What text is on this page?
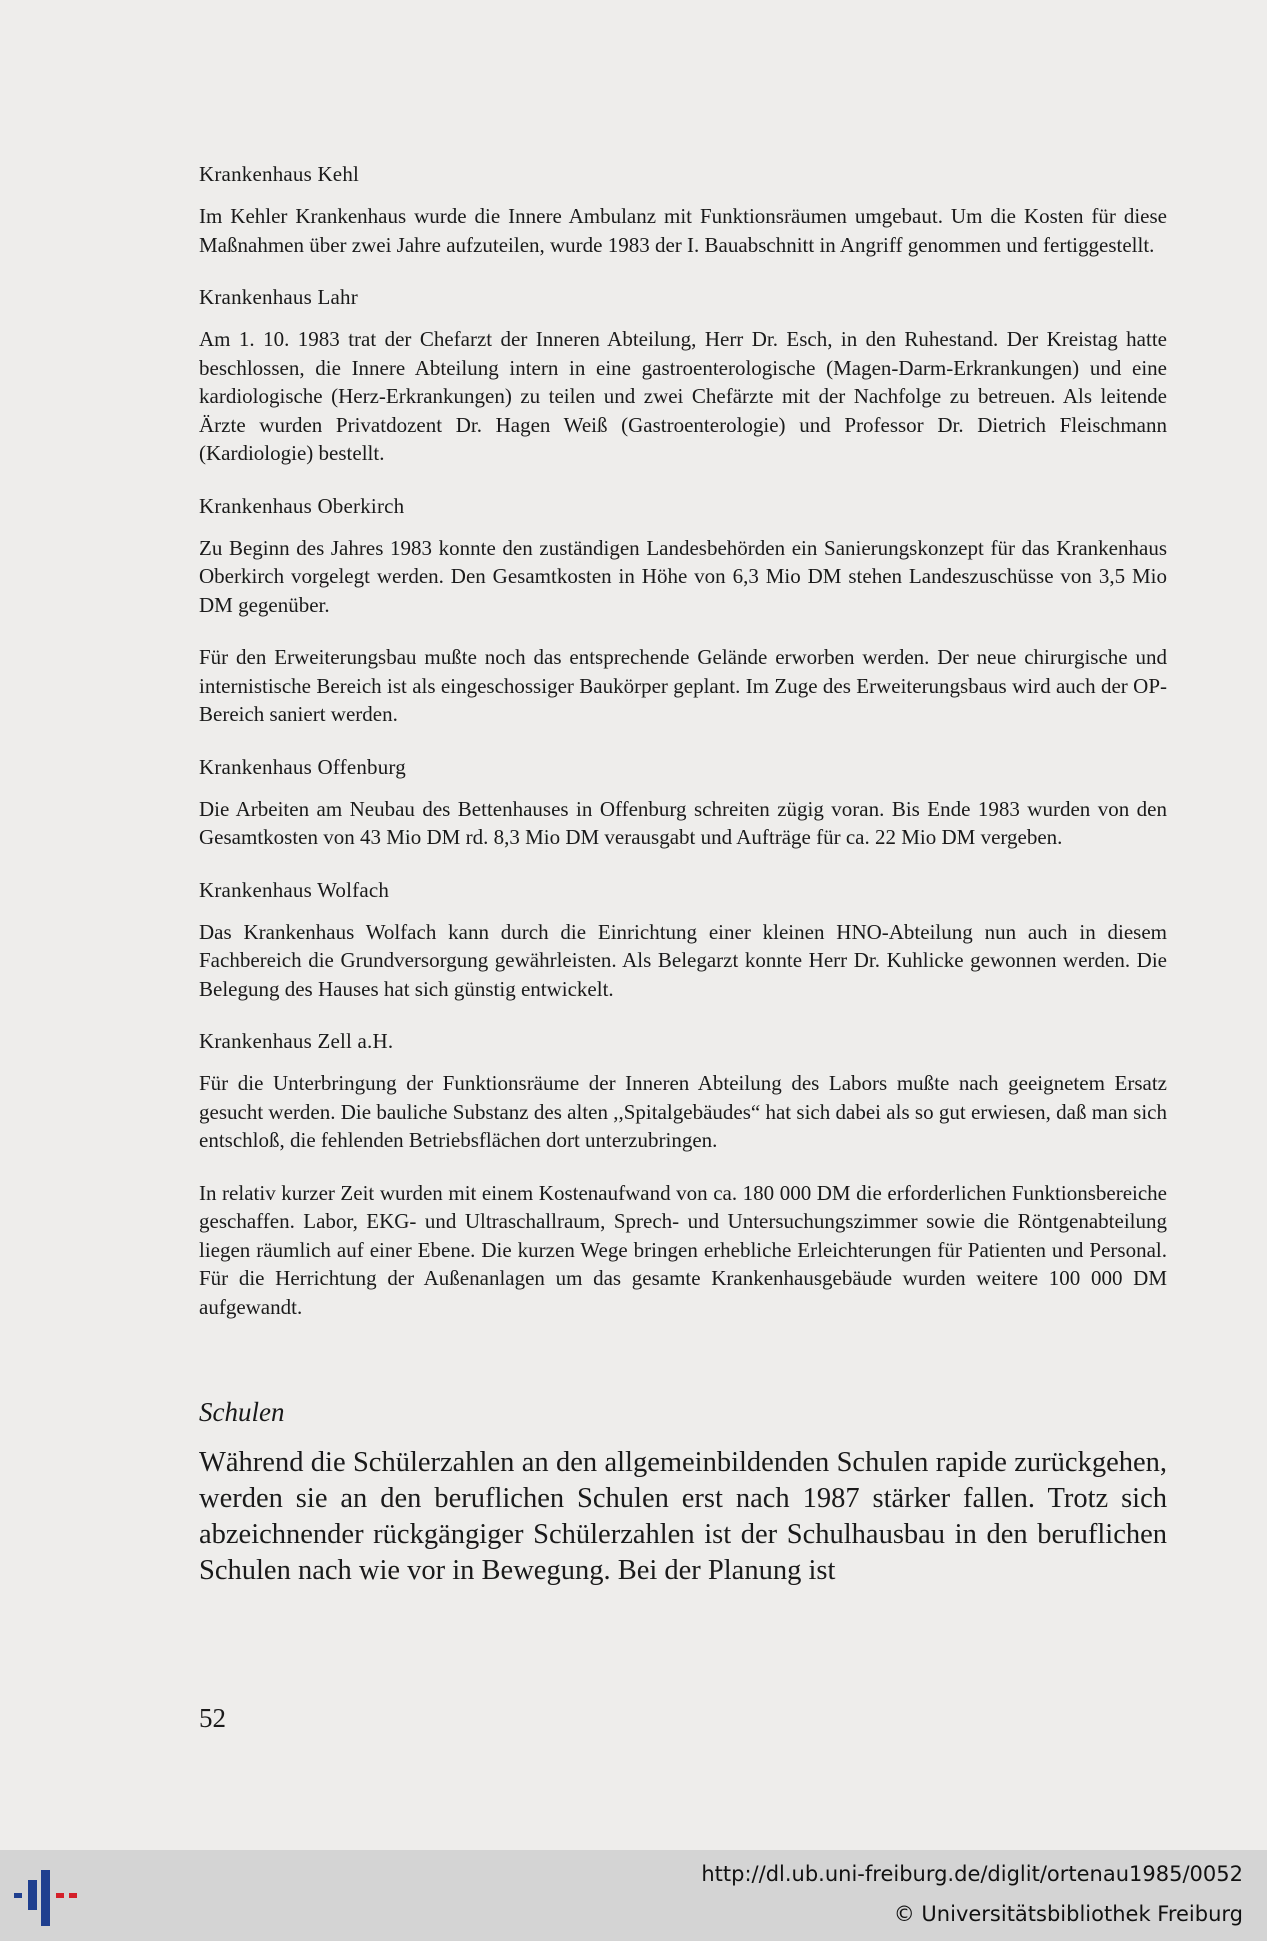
Krankenhaus Kehl

Im Kehler Krankenhaus wurde die Innere Ambulanz mit Funktionsräumen umgebaut. Um die Kosten für diese Maßnahmen über zwei Jahre aufzuteilen, wurde 1983 der I. Bauabschnitt in Angriff genommen und fertiggestellt.

Krankenhaus Lahr

Am 1. 10. 1983 trat der Chefarzt der Inneren Abteilung, Herr Dr. Esch, in den Ruhestand. Der Kreistag hatte beschlossen, die Innere Abteilung intern in eine gastroenterologische (Magen-Darm-Erkrankungen) und eine kardiologische (Herz-Erkrankungen) zu teilen und zwei Chefärzte mit der Nachfolge zu betreuen. Als leitende Ärzte wurden Privatdozent Dr. Hagen Weiß (Gastroenterologie) und Professor Dr. Dietrich Fleischmann (Kardiologie) bestellt.

Krankenhaus Oberkirch

Zu Beginn des Jahres 1983 konnte den zuständigen Landesbehörden ein Sanierungskonzept für das Krankenhaus Oberkirch vorgelegt werden. Den Gesamtkosten in Höhe von 6,3 Mio DM stehen Landeszuschüsse von 3,5 Mio DM gegenüber.

Für den Erweiterungsbau mußte noch das entsprechende Gelände erworben werden. Der neue chirurgische und internistische Bereich ist als eingeschossiger Baukörper geplant. Im Zuge des Erweiterungsbaus wird auch der OP-Bereich saniert werden.

Krankenhaus Offenburg

Die Arbeiten am Neubau des Bettenhauses in Offenburg schreiten zügig voran. Bis Ende 1983 wurden von den Gesamtkosten von 43 Mio DM rd. 8,3 Mio DM verausgabt und Aufträge für ca. 22 Mio DM vergeben.

Krankenhaus Wolfach

Das Krankenhaus Wolfach kann durch die Einrichtung einer kleinen HNO-Abteilung nun auch in diesem Fachbereich die Grundversorgung gewährleisten. Als Belegarzt konnte Herr Dr. Kuhlicke gewonnen werden. Die Belegung des Hauses hat sich günstig entwickelt.

Krankenhaus Zell a.H.

Für die Unterbringung der Funktionsräume der Inneren Abteilung des Labors mußte nach geeignetem Ersatz gesucht werden. Die bauliche Substanz des alten ,,Spitalgebäudes“ hat sich dabei als so gut erwiesen, daß man sich entschloß, die fehlenden Betriebsflächen dort unterzubringen.

In relativ kurzer Zeit wurden mit einem Kostenaufwand von ca. 180 000 DM die erforderlichen Funktionsbereiche geschaffen. Labor, EKG- und Ultraschallraum, Sprech- und Untersuchungszimmer sowie die Röntgenabteilung liegen räumlich auf einer Ebene. Die kurzen Wege bringen erhebliche Erleichterungen für Patienten und Personal. Für die Herrichtung der Außenanlagen um das gesamte Krankenhausgebäude wurden weitere 100 000 DM aufgewandt.

Schulen

Während die Schülerzahlen an den allgemeinbildenden Schulen rapide zurückgehen, werden sie an den beruflichen Schulen erst nach 1987 stärker fallen. Trotz sich abzeichnender rückgängiger Schülerzahlen ist der Schulhausbau in den beruflichen Schulen nach wie vor in Bewegung. Bei der Planung ist

52
http://dl.ub.uni-freiburg.de/diglit/ortenau1985/0052
© Universitätsbibliothek Freiburg
